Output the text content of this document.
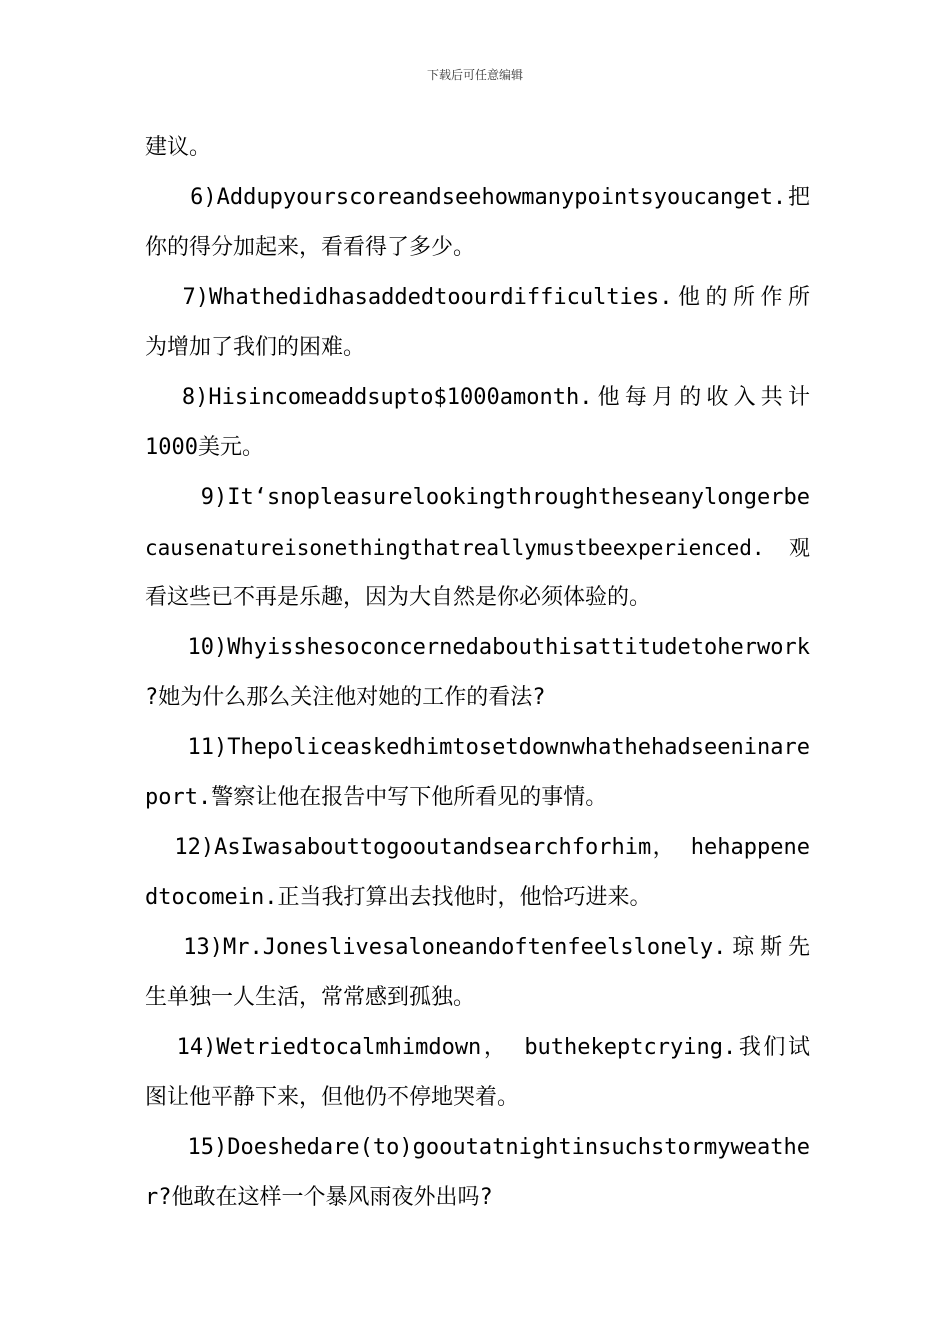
下载后可任意编辑
建议。
6)Addupyourscoreandseehowmanypointsyoucanget.把
你的得分加起来，看看得了多少。
7)Whathedidhasaddedtoourdifficulties.他的所作所
为增加了我们的困难。
8)Hisincomeaddsupto$1000amonth.他每月的收入共计
1000美元。
9)It‘snopleasurelookingthroughtheseanylongerbe
causenatureisonethingthatreallymustbeexperienced. 观
看这些已不再是乐趣，因为大自然是你必须体验的。
10)Whyisshesoconcernedabouthisattitudetoherwork
?她为什么那么关注他对她的工作的看法?
11)Thepoliceaskedhimtosetdownwhathehadseeninare
port.警察让他在报告中写下他所看见的事情。
12)AsIwasabouttogooutandsearchforhim， hehappene
dtocomein.正当我打算出去找他时，他恰巧进来。
13)Mr.Joneslivesaloneandoftenfeelslonely.琼斯先
生单独一人生活，常常感到孤独。
14)Wetriedtocalmhimdown， buthekeptcrying.我们试
图让他平静下来，但他仍不停地哭着。
15)Doeshedare(to)gooutatnightinsuchstormyweathe
r?他敢在这样一个暴风雨夜外出吗?
